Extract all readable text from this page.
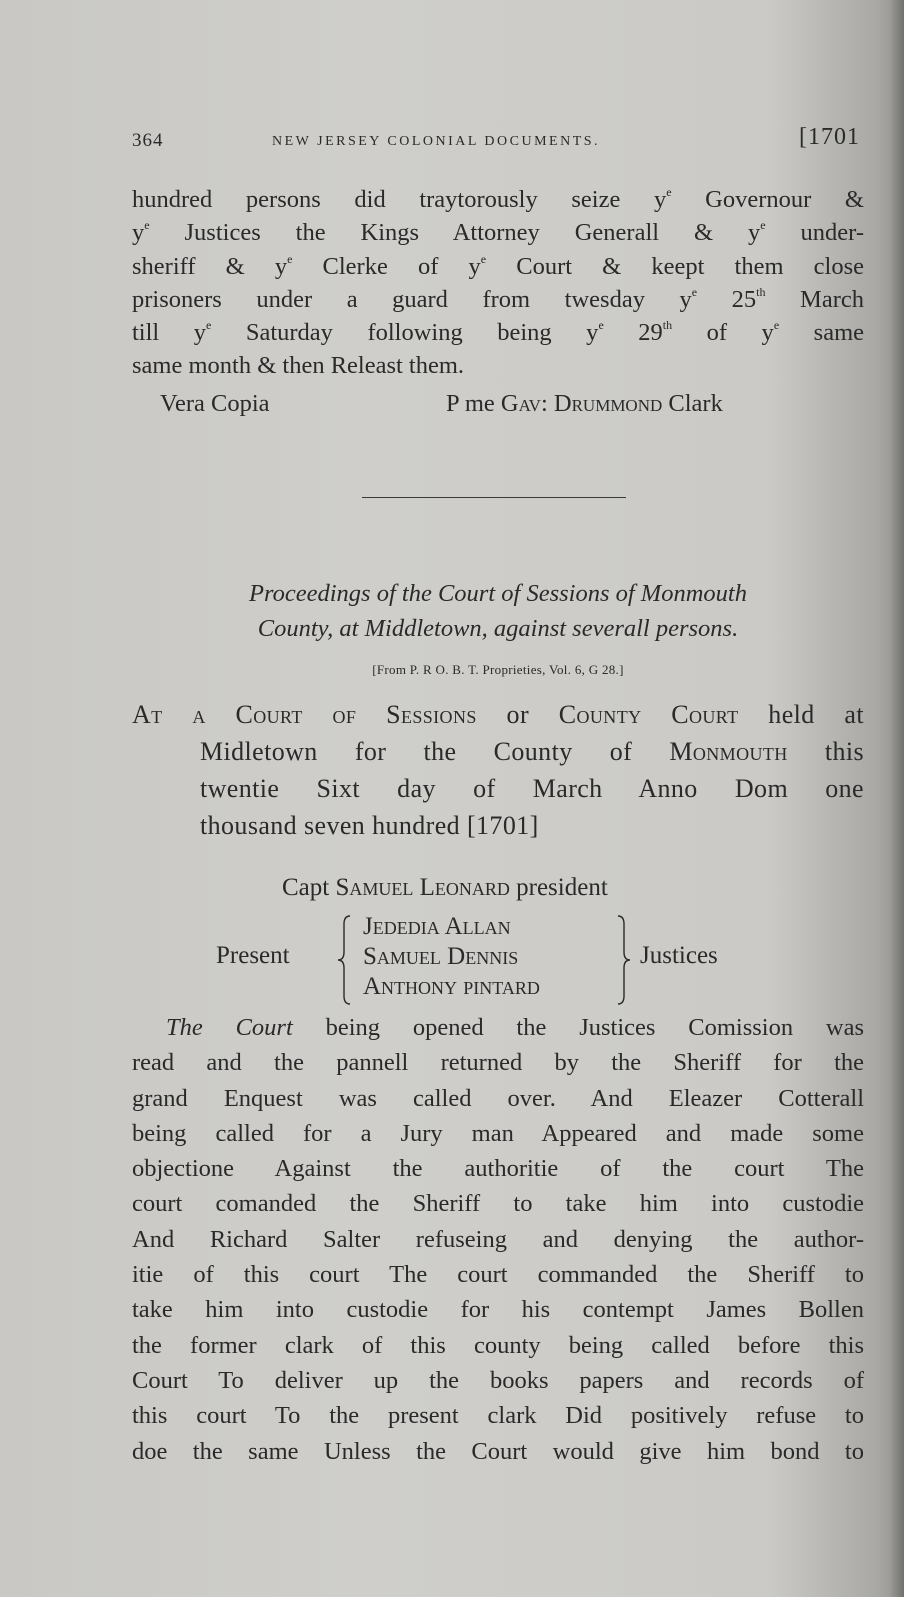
364	NEW JERSEY COLONIAL DOCUMENTS.	[1701
hundred persons did traytorously seize $y^e$ Governour &
$y^e$ Justices the Kings Attorney Generall & $y^e$ under-
sheriff & $y^e$ Clerke of $y^e$ Court & keept them close
prisoners under a guard from twesday $y^e$ 25th March
till $y^e$ Saturday following being $y^e$ 29th of $y^e$ same
same month & then Releast them.
Vera Copia	P me Gav: Drummond Clark
Proceedings of the Court of Sessions of Monmouth
County, at Middletown, against severall persons.
[From P. R O. B. T. Proprieties, Vol. 6, G 28.]
At a Court of Sessions or County Court held at
Midletown for the County of Monmouth this
twentie Sixt day of March Anno Dom one
thousand seven hundred [1701]
Capt Samuel Leonard president
Present
Jededia Allan
Samuel Dennis
Anthony pintard
Justices
The Court being opened the Justices Comission was
read and the pannell returned by the Sheriff for the
grand Enquest was called over. And Eleazer Cotterall
being called for a Jury man Appeared and made some
objectione Against the authoritie of the court The
court comanded the Sheriff to take him into custodie
And Richard Salter refuseing and denying the author-
itie of this court The court commanded the Sheriff to
take him into custodie for his contempt James Bollen
the former clark of this county being called before this
Court To deliver up the books papers and records of
this court To the present clark Did positively refuse to
doe the same Unless the Court would give him bond to
